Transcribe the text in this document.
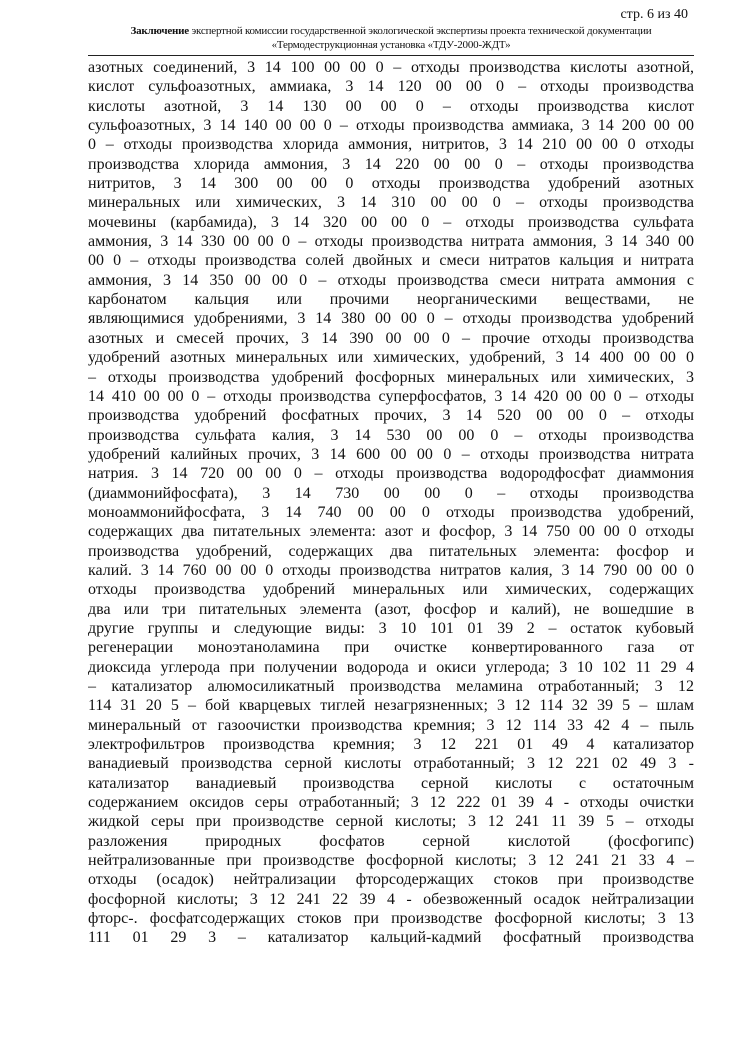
стр. 6 из 40
Заключение экспертной комиссии государственной экологической экспертизы проекта технической документации «Термодеструкционная установка «ТДУ-2000-ЖДТ»
азотных соединений, 3 14 100 00 00 0 – отходы производства кислоты азотной,
кислот сульфоазотных, аммиака, 3 14 120 00 00 0 – отходы производства
кислоты азотной, 3 14 130 00 00 0 – отходы производства кислот
сульфоазотных, 3 14 140 00 00 0 – отходы производства аммиака, 3 14 200 00 00
0 – отходы производства хлорида аммония, нитритов, 3 14 210 00 00 0 отходы
производства хлорида аммония, 3 14 220 00 00 0 – отходы производства
нитритов, 3 14 300 00 00 0 отходы производства удобрений азотных
минеральных или химических, 3 14 310 00 00 0 – отходы производства
мочевины (карбамида), 3 14 320 00 00 0 – отходы производства сульфата
аммония, 3 14 330 00 00 0 – отходы производства нитрата аммония, 3 14 340 00
00 0 – отходы производства солей двойных и смеси нитратов кальция и нитрата
аммония, 3 14 350 00 00 0 – отходы производства смеси нитрата аммония с
карбонатом кальция или прочими неорганическими веществами, не
являющимися удобрениями, 3 14 380 00 00 0 – отходы производства удобрений
азотных и смесей прочих, 3 14 390 00 00 0 – прочие отходы производства
удобрений азотных минеральных или химических, удобрений, 3 14 400 00 00 0
– отходы производства удобрений фосфорных минеральных или химических, 3
14 410 00 00 0 – отходы производства суперфосфатов, 3 14 420 00 00 0 – отходы
производства удобрений фосфатных прочих, 3 14 520 00 00 0 – отходы
производства сульфата калия, 3 14 530 00 00 0 – отходы производства
удобрений калийных прочих, 3 14 600 00 00 0 – отходы производства нитрата
натрия. 3 14 720 00 00 0 – отходы производства водородфосфат диаммония
(диаммонийфосфата), 3 14 730 00 00 0 – отходы производства
моноаммонийфосфата, 3 14 740 00 00 0 отходы производства удобрений,
содержащих два питательных элемента: азот и фосфор, 3 14 750 00 00 0 отходы
производства удобрений, содержащих два питательных элемента: фосфор и
калий. 3 14 760 00 00 0 отходы производства нитратов калия, 3 14 790 00 00 0
отходы производства удобрений минеральных или химических, содержащих
два или три питательных элемента (азот, фосфор и калий), не вошедшие в
другие группы и следующие виды: 3 10 101 01 39 2 – остаток кубовый
регенерации моноэтаноламина при очистке конвертированного газа от
диоксида углерода при получении водорода и окиси углерода; 3 10 102 11 29 4
– катализатор алюмосиликатный производства меламина отработанный; 3 12
114 31 20 5 – бой кварцевых тиглей незагрязненных; 3 12 114 32 39 5 – шлам
минеральный от газоочистки производства кремния; 3 12 114 33 42 4 – пыль
электрофильтров производства кремния; 3 12 221 01 49 4 катализатор
ванадиевый производства серной кислоты отработанный; 3 12 221 02 49 3 -
катализатор ванадиевый производства серной кислоты с остаточным
содержанием оксидов серы отработанный; 3 12 222 01 39 4 - отходы очистки
жидкой серы при производстве серной кислоты; 3 12 241 11 39 5 – отходы
разложения природных фосфатов серной кислотой (фосфогипс)
нейтрализованные при производстве фосфорной кислоты; 3 12 241 21 33 4 –
отходы (осадок) нейтрализации фторсодержащих стоков при производстве
фосфорной кислоты; 3 12 241 22 39 4 - обезвоженный осадок нейтрализации
фторс-. фосфатсодержащих стоков при производстве фосфорной кислоты; 3 13
111 01 29 3 – катализатор кальций-кадмий фосфатный производства
